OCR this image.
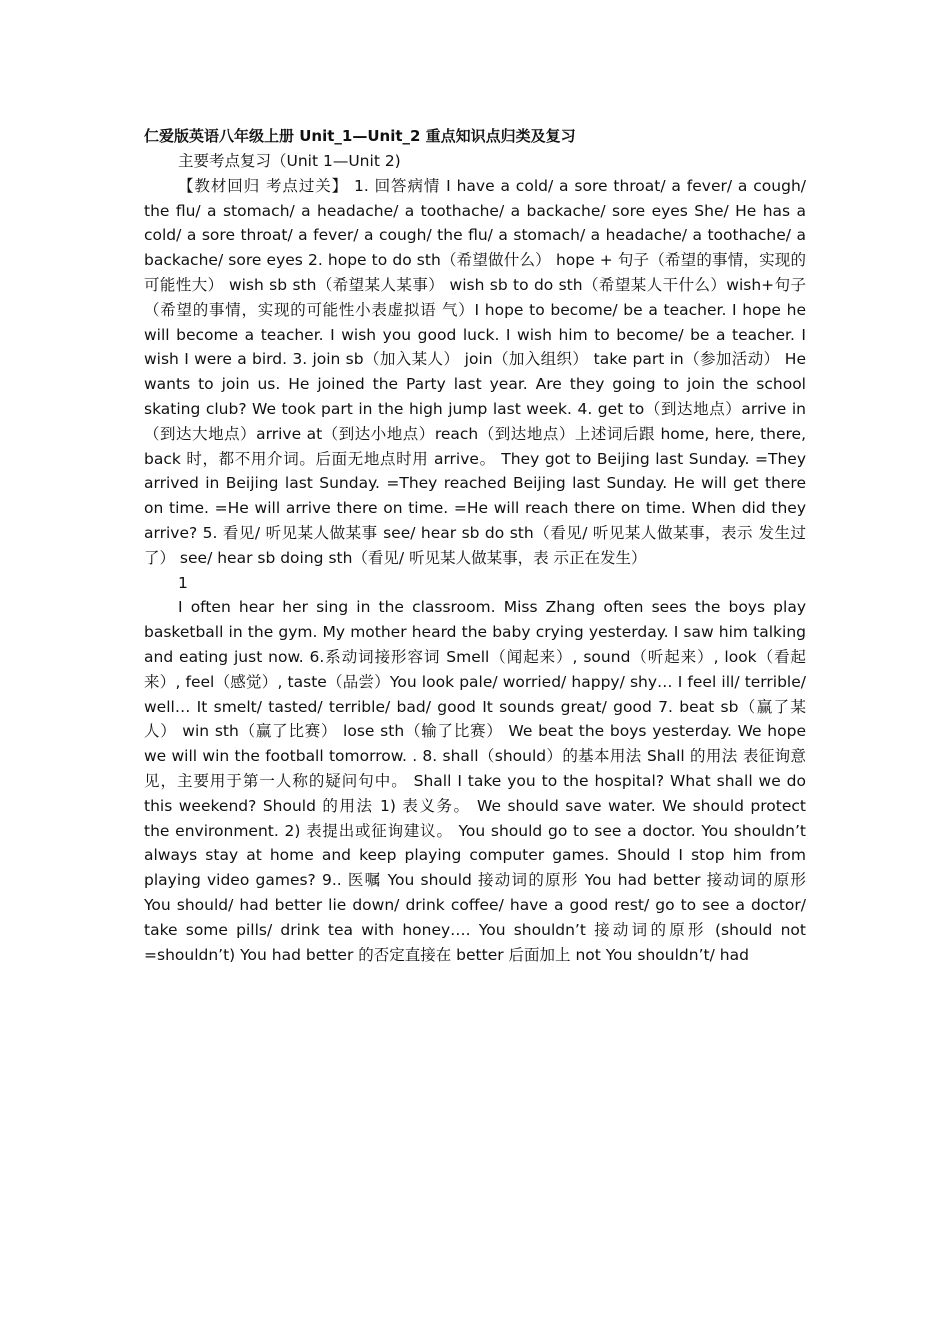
仁爱版英语八年级上册 Unit_1—Unit_2 重点知识点归类及复习

主要考点复习（Unit 1—Unit 2)

【教材回归 考点过关】 1. 回答病情 I have a cold/ a sore throat/ a fever/ a cough/ the flu/ a stomach/ a headache/ a toothache/ a backache/ sore eyes She/ He has a cold/ a sore throat/ a fever/ a cough/ the flu/ a stomach/ a headache/ a toothache/ a backache/ sore eyes 2. hope to do sth（希望做什么） hope + 句子（希望的事情，实现的可能性大） wish sb sth（希望某人某事） wish sb to do sth（希望某人干什么）wish+句子（希望的事情，实现的可能性小表虚拟语 气）I hope to become/ be a teacher. I hope he will become a teacher. I wish you good luck. I wish him to become/ be a teacher. I wish I were a bird. 3. join sb（加入某人） join（加入组织） take part in（参加活动） He wants to join us. He joined the Party last year. Are they going to join the school skating club? We took part in the high jump last week. 4. get to（到达地点）arrive in（到达大地点）arrive at（到达小地点）reach（到达地点）上述词后跟 home, here, there, back 时，都不用介词。后面无地点时用 arrive。 They got to Beijing last Sunday. =They arrived in Beijing last Sunday. =They reached Beijing last Sunday. He will get there on time. =He will arrive there on time. =He will reach there on time. When did they arrive? 5. 看见/ 听见某人做某事 see/ hear sb do sth（看见/ 听见某人做某事，表示 发生过了） see/ hear sb doing sth（看见/ 听见某人做某事，表 示正在发生）

1

I often hear her sing in the classroom. Miss Zhang often sees the boys play basketball in the gym. My mother heard the baby crying yesterday. I saw him talking and eating just now. 6.系动词接形容词 Smell（闻起来）, sound（听起来）, look（看起来）, feel（感觉）, taste（品尝）You look pale/ worried/ happy/ shy… I feel ill/ terrible/ well… It smelt/ tasted/ terrible/ bad/ good It sounds great/ good 7. beat sb（赢了某人） win sth（赢了比赛） lose sth（输了比赛） We beat the boys yesterday. We hope we will win the football tomorrow. . 8. shall（should）的基本用法 Shall 的用法 表征询意见，主要用于第一人称的疑问句中。 Shall I take you to the hospital? What shall we do this weekend? Should 的用法 1) 表义务。 We should save water. We should protect the environment. 2) 表提出或征询建议。 You should go to see a doctor. You shouldn’t always stay at home and keep playing computer games. Should I stop him from playing video games? 9.. 医嘱 You should 接动词的原形 You had better 接动词的原形 You should/ had better lie down/ drink coffee/ have a good rest/ go to see a doctor/ take some pills/ drink tea with honey…. You shouldn’t 接动词的原形 (should not =shouldn’t) You had better 的否定直接在 better 后面加上 not You shouldn’t/ had
